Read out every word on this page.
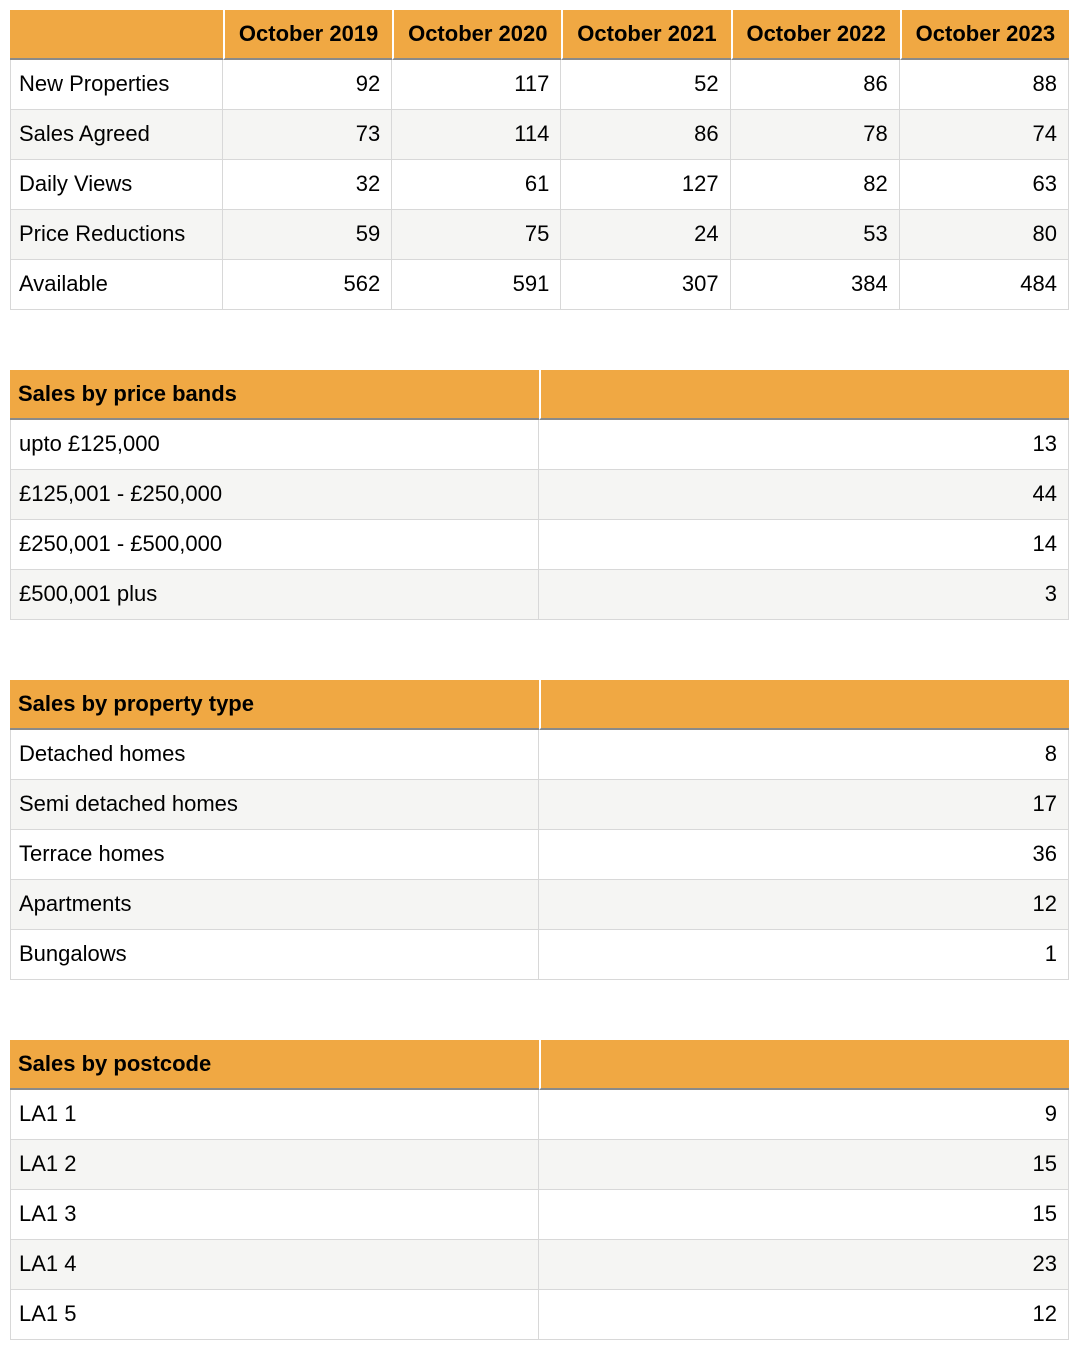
	October 2019	October 2020	October 2021	October 2022	October 2023
New Properties	92	117	52	86	88
Sales Agreed	73	114	86	78	74
Daily Views	32	61	127	82	63
Price Reductions	59	75	24	53	80
Available	562	591	307	384	484
Sales by price bands	
upto £125,000	13
£125,001 - £250,000	44
£250,001 - £500,000	14
£500,001 plus	3
Sales by property type	
Detached homes	8
Semi detached homes	17
Terrace homes	36
Apartments	12
Bungalows	1
Sales by postcode	
LA1 1	9
LA1 2	15
LA1 3	15
LA1 4	23
LA1 5	12
